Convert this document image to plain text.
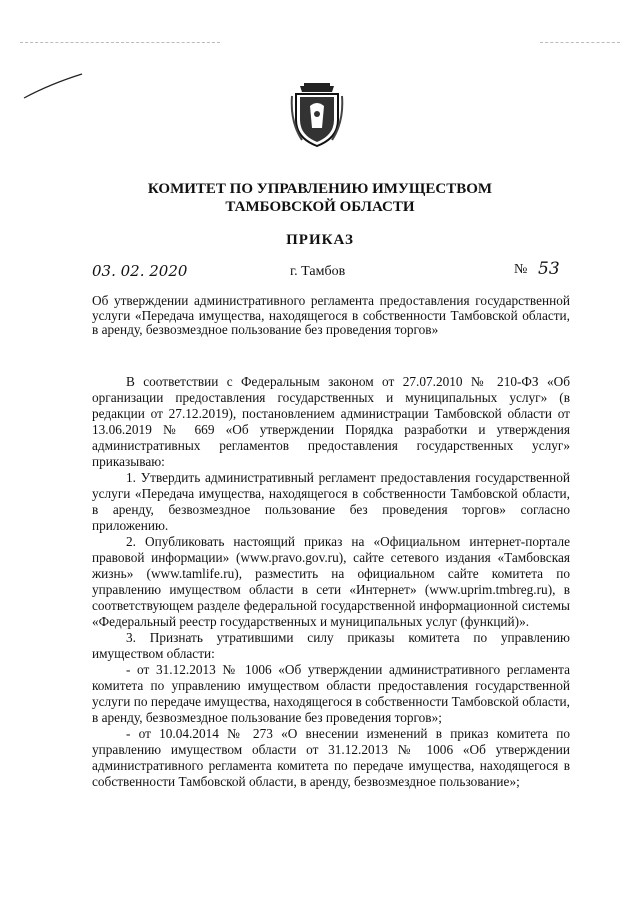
КОМИТЕТ ПО УПРАВЛЕНИЮ ИМУЩЕСТВОМ
ТАМБОВСКОЙ ОБЛАСТИ
ПРИКАЗ
03. 02. 2020	г. Тамбов	№ 53
Об утверждении административного регламента предоставления государственной услуги «Передача имущества, находящегося в собственности Тамбовской области, в аренду, безвозмездное пользование без проведения торгов»

В соответствии с Федеральным законом от 27.07.2010 № 210-ФЗ «Об организации предоставления государственных и муниципальных услуг» (в редакции от 27.12.2019), постановлением администрации Тамбовской области от 13.06.2019 № 669 «Об утверждении Порядка разработки и утверждения административных регламентов предоставления государственных услуг» приказываю:

1. Утвердить административный регламент предоставления государственной услуги «Передача имущества, находящегося в собственности Тамбовской области, в аренду, безвозмездное пользование без проведения торгов» согласно приложению.

2. Опубликовать настоящий приказ на «Официальном интернет-портале правовой информации» (www.pravo.gov.ru), сайте сетевого издания «Тамбовская жизнь» (www.tamlife.ru), разместить на официальном сайте комитета по управлению имуществом области в сети «Интернет» (www.uprim.tmbreg.ru), в соответствующем разделе федеральной государственной информационной системы «Федеральный реестр государственных и муниципальных услуг (функций)».

3. Признать утратившими силу приказы комитета по управлению имуществом области:

- от 31.12.2013 № 1006 «Об утверждении административного регламента комитета по управлению имуществом области предоставления государственной услуги по передаче имущества, находящегося в собственности Тамбовской области, в аренду, безвозмездное пользование без проведения торгов»;

- от 10.04.2014 № 273 «О внесении изменений в приказ комитета по управлению имуществом области от 31.12.2013 № 1006 «Об утверждении административного регламента комитета по передаче имущества, находящегося в собственности Тамбовской области, в аренду, безвозмездное пользование»;
